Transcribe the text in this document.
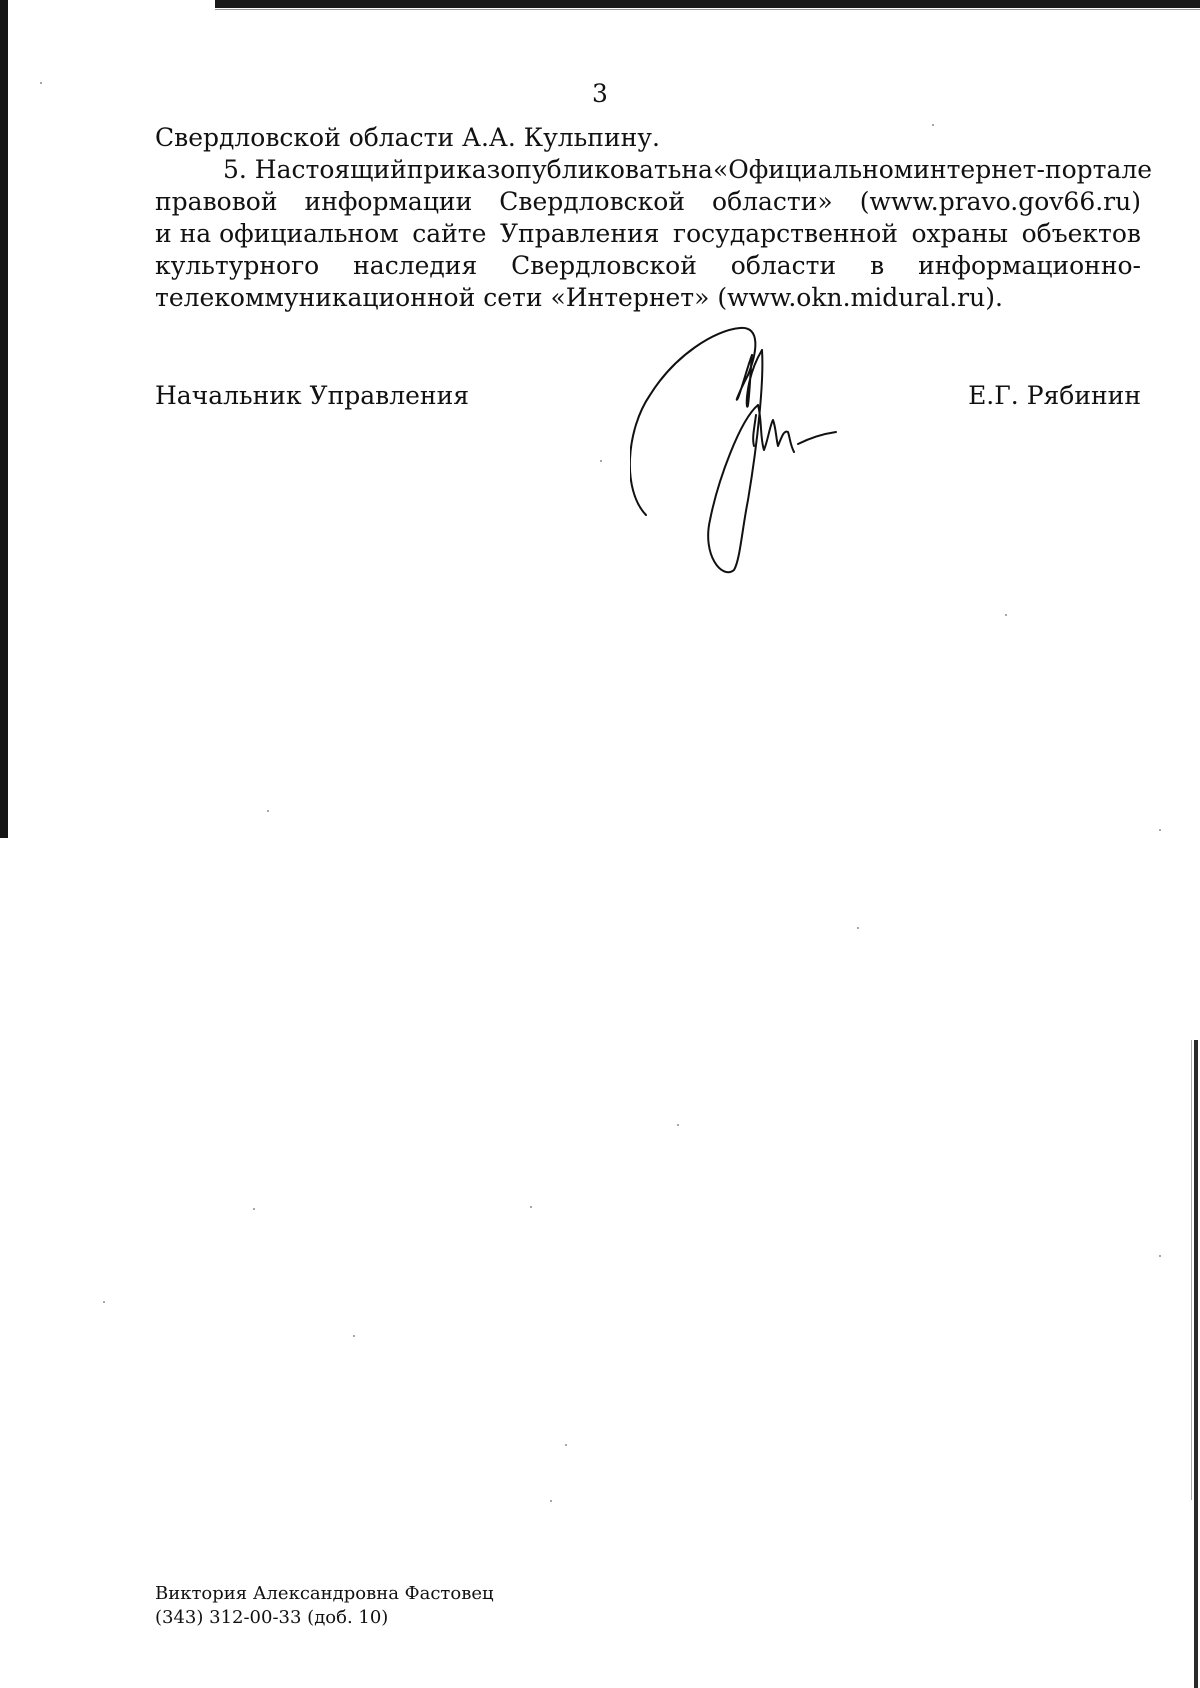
3
Свердловской области А.А. Кульпину.
5. Настоящий приказ опубликовать на «Официальном интернет-портале
правовой информации Свердловской области» (www.pravo.gov66.ru)
и на официальном сайте Управления государственной охраны объектов
культурного наследия Свердловской области в информационно-
телекоммуникационной сети «Интернет» (www.okn.midural.ru).
Начальник Управления	Е.Г. Рябинин
Виктория Александровна Фастовец
(343) 312-00-33 (доб. 10)
